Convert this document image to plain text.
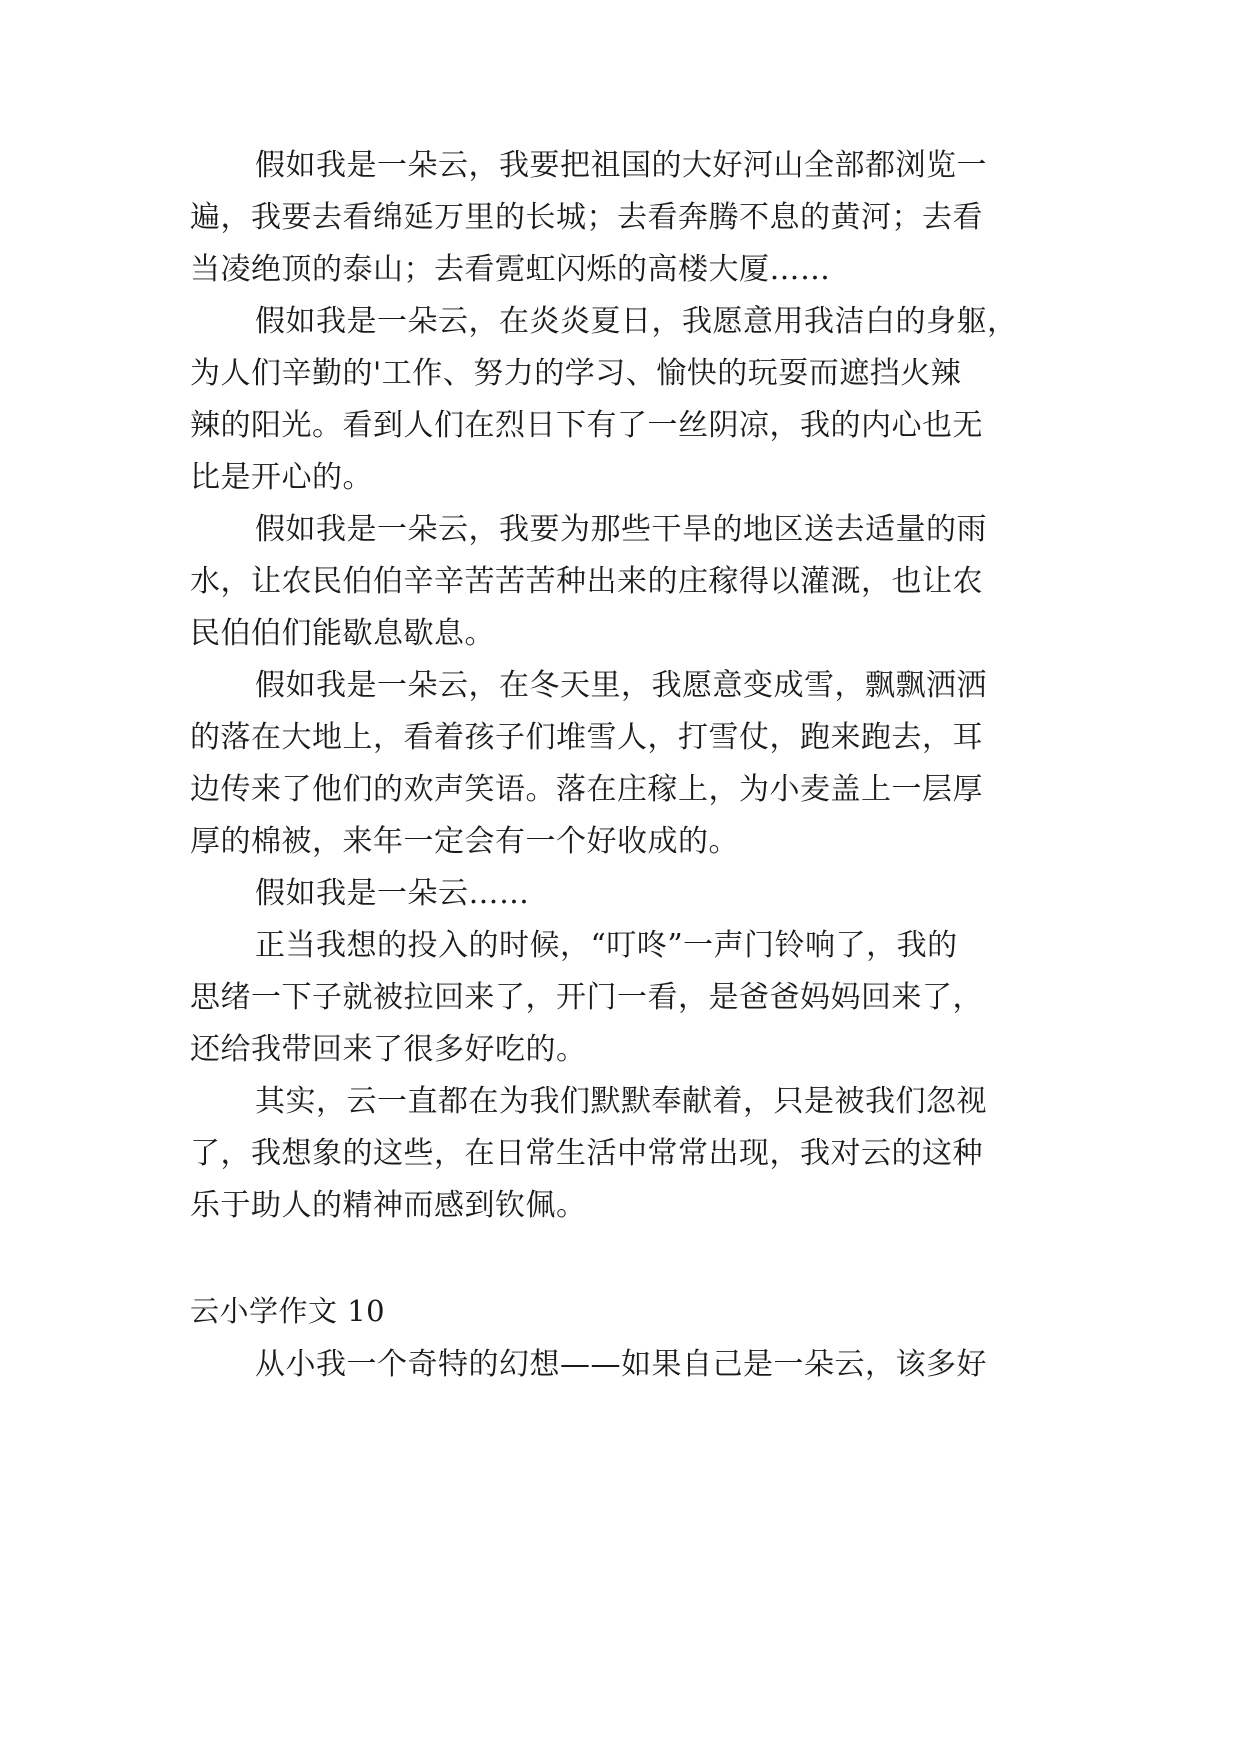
假如我是一朵云，我要把祖国的大好河山全部都浏览一
遍，我要去看绵延万里的长城；去看奔腾不息的黄河；去看
当凌绝顶的泰山；去看霓虹闪烁的高楼大厦……
假如我是一朵云，在炎炎夏日，我愿意用我洁白的身躯，
为人们辛勤的'工作、努力的学习、愉快的玩耍而遮挡火辣
辣的阳光。看到人们在烈日下有了一丝阴凉，我的内心也无
比是开心的。
假如我是一朵云，我要为那些干旱的地区送去适量的雨
水，让农民伯伯辛辛苦苦苦种出来的庄稼得以灌溉，也让农
民伯伯们能歇息歇息。
假如我是一朵云，在冬天里，我愿意变成雪，飘飘洒洒
的落在大地上，看着孩子们堆雪人，打雪仗，跑来跑去，耳
边传来了他们的欢声笑语。落在庄稼上，为小麦盖上一层厚
厚的棉被，来年一定会有一个好收成的。
假如我是一朵云……
正当我想的投入的时候，“叮咚”一声门铃响了，我的
思绪一下子就被拉回来了，开门一看，是爸爸妈妈回来了，
还给我带回来了很多好吃的。
其实，云一直都在为我们默默奉献着，只是被我们忽视
了，我想象的这些，在日常生活中常常出现，我对云的这种
乐于助人的精神而感到钦佩。
云小学作文 10
从小我一个奇特的幻想——如果自己是一朵云，该多好
